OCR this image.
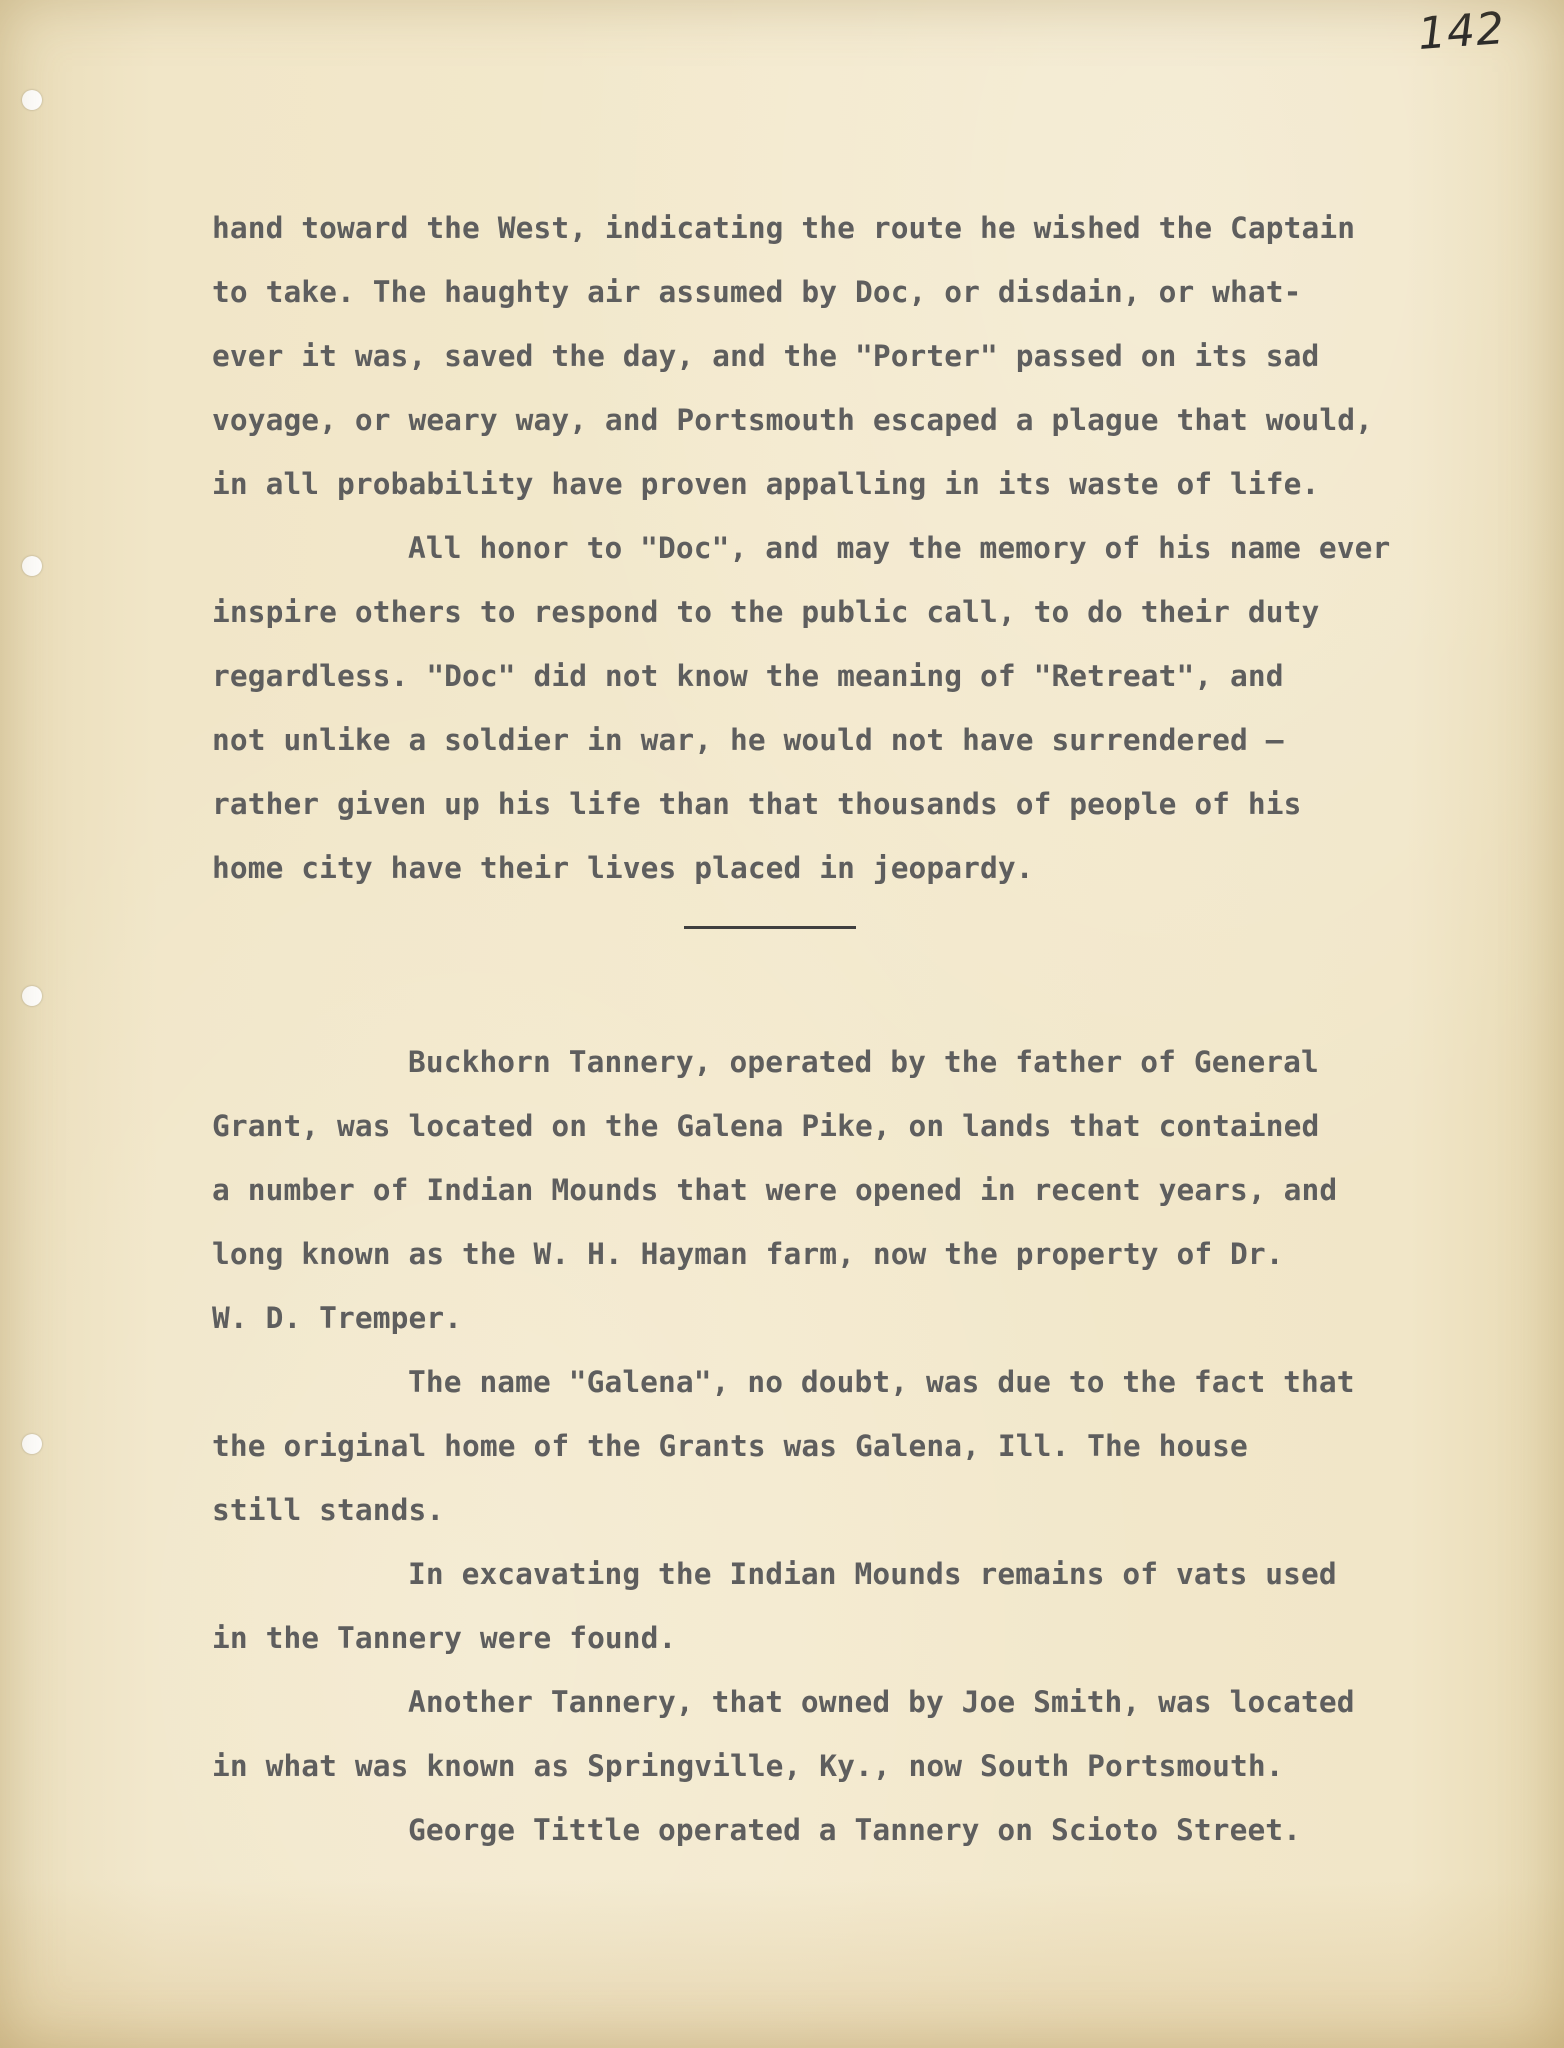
142
hand toward the West, indicating the route he wished the Captain
to take. The haughty air assumed by Doc, or disdain, or what-
ever it was, saved the day, and the "Porter" passed on its sad
voyage, or weary way, and Portsmouth escaped a plague that would,
in all probability have proven appalling in its waste of life.
All honor to "Doc", and may the memory of his name ever
inspire others to respond to the public call, to do their duty
regardless. "Doc" did not know the meaning of "Retreat", and
not unlike a soldier in war, he would not have surrendered —
rather given up his life than that thousands of people of his
home city have their lives placed in jeopardy.
Buckhorn Tannery, operated by the father of General
Grant, was located on the Galena Pike, on lands that contained
a number of Indian Mounds that were opened in recent years, and
long known as the W. H. Hayman farm, now the property of Dr.
W. D. Tremper.
The name "Galena", no doubt, was due to the fact that
the original home of the Grants was Galena, Ill. The house
still stands.
In excavating the Indian Mounds remains of vats used
in the Tannery were found.
Another Tannery, that owned by Joe Smith, was located
in what was known as Springville, Ky., now South Portsmouth.
George Tittle operated a Tannery on Scioto Street.
